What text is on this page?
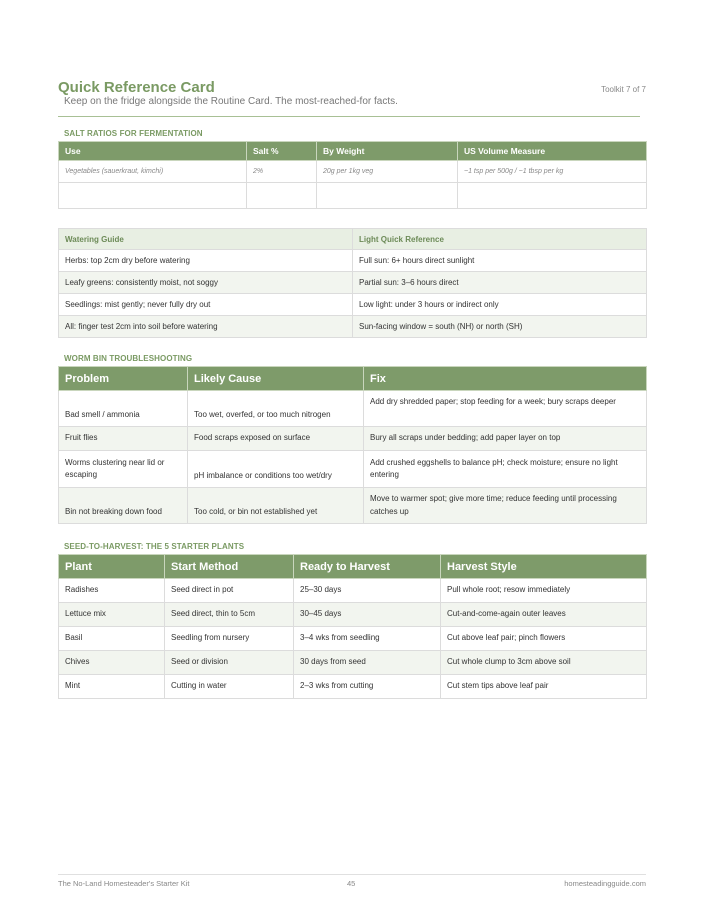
Quick Reference Card
Keep on the fridge alongside the Routine Card. The most-reached-for facts.
Toolkit 7 of 7
SALT RATIOS FOR FERMENTATION
Use	Salt %	By Weight	US Volume Measure
Vegetables (sauerkraut, kimchi)	2%	20g per 1kg veg	~1 tsp per 500g / ~1 tbsp per kg

Watering Guide	Light Quick Reference
Herbs: top 2cm dry before watering	Full sun: 6+ hours direct sunlight
Leafy greens: consistently moist, not soggy	Partial sun: 3–6 hours direct
Seedlings: mist gently; never fully dry out	Low light: under 3 hours or indirect only
All: finger test 2cm into soil before watering	Sun-facing window = south (NH) or north (SH)
WORM BIN TROUBLESHOOTING
Problem	Likely Cause	Fix
Bad smell / ammonia	Too wet, overfed, or too much nitrogen	Add dry shredded paper; stop feeding for a week; bury scraps deeper
Fruit flies	Food scraps exposed on surface	Bury all scraps under bedding; add paper layer on top
Worms clustering near lid or escaping	pH imbalance or conditions too wet/dry	Add crushed eggshells to balance pH; check moisture; ensure no light entering
Bin not breaking down food	Too cold, or bin not established yet	Move to warmer spot; give more time; reduce feeding until processing catches up
SEED-TO-HARVEST: THE 5 STARTER PLANTS
Plant	Start Method	Ready to Harvest	Harvest Style
Radishes	Seed direct in pot	25–30 days	Pull whole root; resow immediately
Lettuce mix	Seed direct, thin to 5cm	30–45 days	Cut-and-come-again outer leaves
Basil	Seedling from nursery	3–4 wks from seedling	Cut above leaf pair; pinch flowers
Chives	Seed or division	30 days from seed	Cut whole clump to 3cm above soil
Mint	Cutting in water	2–3 wks from cutting	Cut stem tips above leaf pair
The No-Land Homesteader's Starter Kit	45	homesteadingguide.com
